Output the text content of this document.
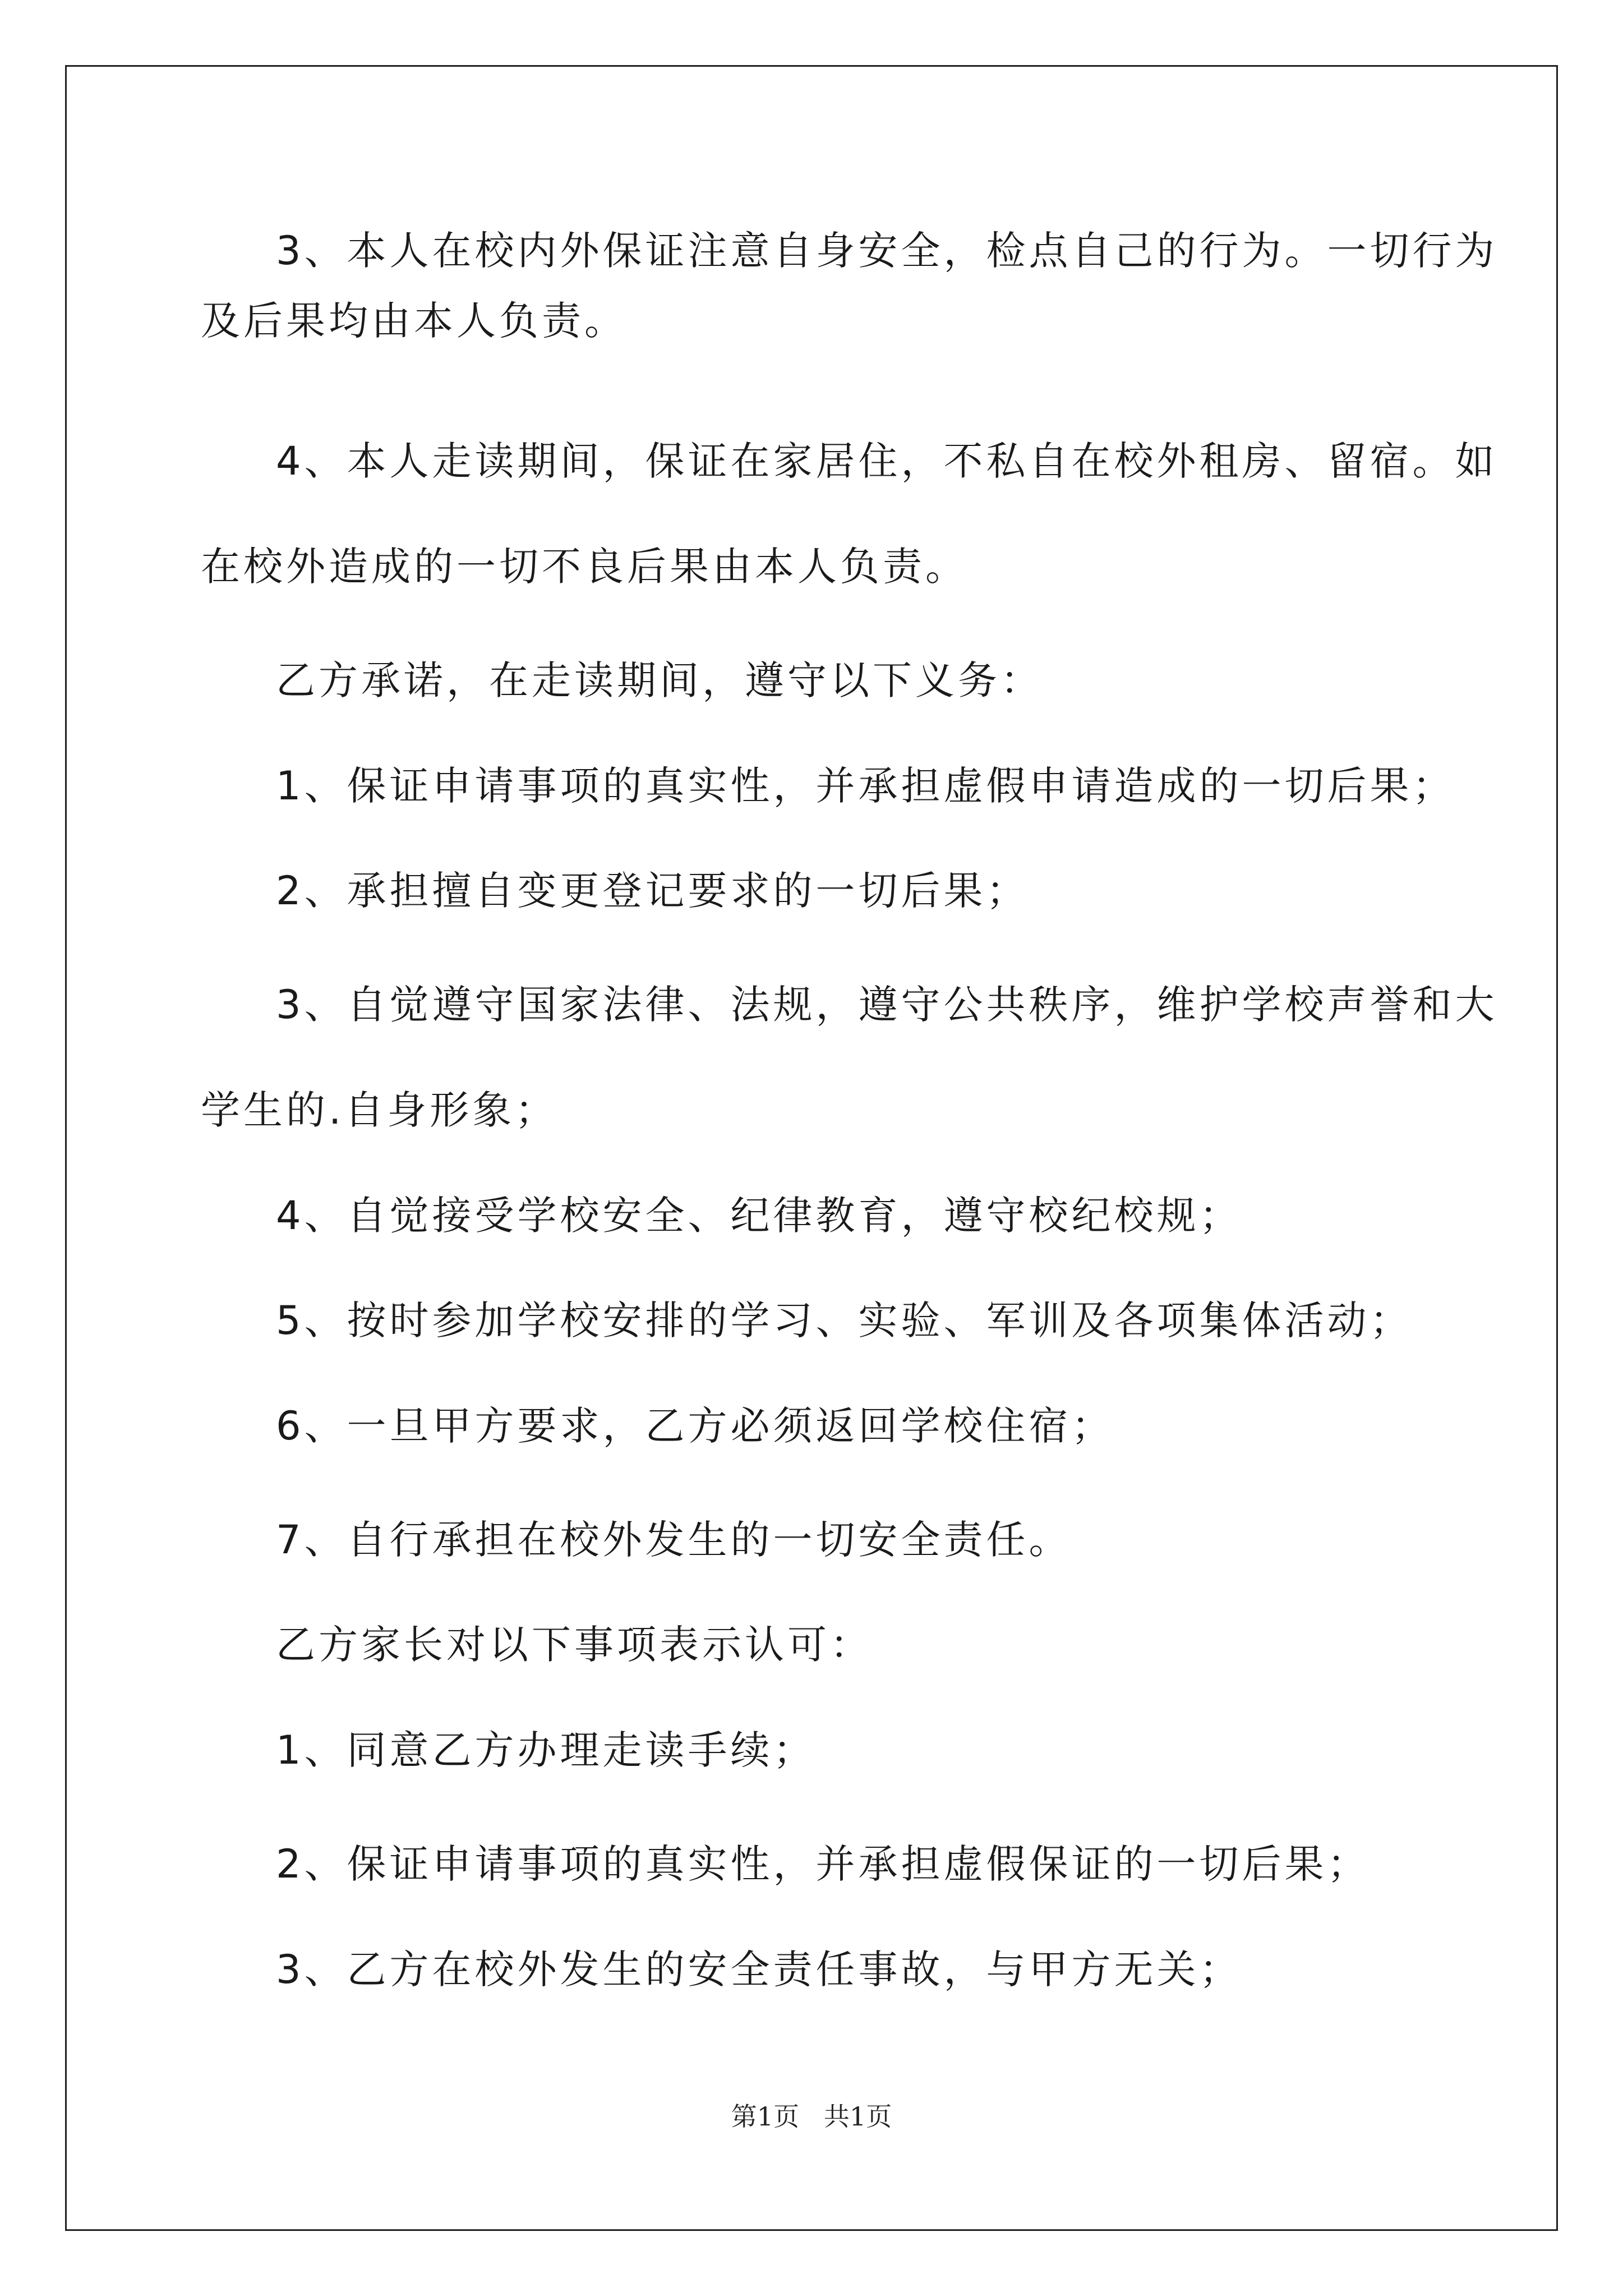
3、本人在校内外保证注意自身安全，检点自己的行为。一切行为
及后果均由本人负责。
4、本人走读期间，保证在家居住，不私自在校外租房、留宿。如
在校外造成的一切不良后果由本人负责。
乙方承诺，在走读期间，遵守以下义务：
1、保证申请事项的真实性，并承担虚假申请造成的一切后果；
2、承担擅自变更登记要求的一切后果；
3、自觉遵守国家法律、法规，遵守公共秩序，维护学校声誉和大
学生的.自身形象；
4、自觉接受学校安全、纪律教育，遵守校纪校规；
5、按时参加学校安排的学习、实验、军训及各项集体活动；
6、一旦甲方要求，乙方必须返回学校住宿；
7、自行承担在校外发生的一切安全责任。
乙方家长对以下事项表示认可：
1、同意乙方办理走读手续；
2、保证申请事项的真实性，并承担虚假保证的一切后果；
3、乙方在校外发生的安全责任事故，与甲方无关；
第1页   共1页
